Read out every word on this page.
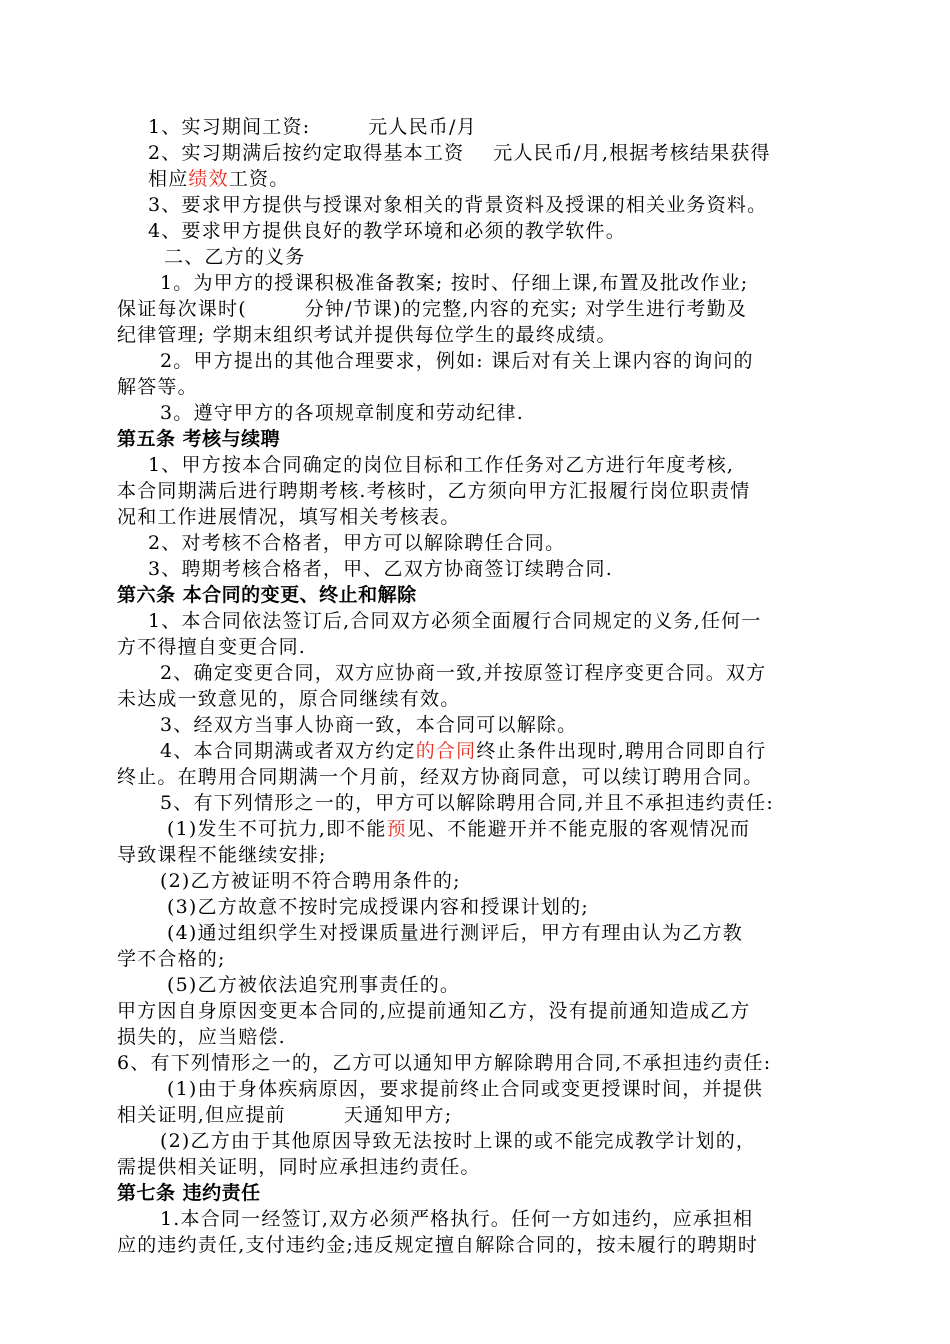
1、实习期间工资:        元人民币/月
2、实习期满后按约定取得基本工资    元人民币/月,根据考核结果获得
相应绩效工资。
3、要求甲方提供与授课对象相关的背景资料及授课的相关业务资料。
4、要求甲方提供良好的教学环境和必须的教学软件。
二、乙方的义务
1。为甲方的授课积极准备教案; 按时、仔细上课,布置及批改作业;
保证每次课时(        分钟/节课)的完整,内容的充实; 对学生进行考勤及
纪律管理; 学期末组织考试并提供每位学生的最终成绩。
2。甲方提出的其他合理要求，例如: 课后对有关上课内容的询问的
解答等。
3。遵守甲方的各项规章制度和劳动纪律.
第五条 考核与续聘
1、甲方按本合同确定的岗位目标和工作任务对乙方进行年度考核,
本合同期满后进行聘期考核.考核时，乙方须向甲方汇报履行岗位职责情
况和工作进展情况，填写相关考核表。
2、对考核不合格者，甲方可以解除聘任合同。
3、聘期考核合格者，甲、乙双方协商签订续聘合同.
第六条 本合同的变更、终止和解除
1、本合同依法签订后,合同双方必须全面履行合同规定的义务,任何一
方不得擅自变更合同.
2、确定变更合同，双方应协商一致,并按原签订程序变更合同。双方
未达成一致意见的，原合同继续有效。
3、经双方当事人协商一致，本合同可以解除。
4、本合同期满或者双方约定的合同终止条件出现时,聘用合同即自行
终止。在聘用合同期满一个月前，经双方协商同意，可以续订聘用合同。
5、有下列情形之一的，甲方可以解除聘用合同,并且不承担违约责任:
(1)发生不可抗力,即不能预见、不能避开并不能克服的客观情况而
导致课程不能继续安排;
(2)乙方被证明不符合聘用条件的;
(3)乙方故意不按时完成授课内容和授课计划的;
(4)通过组织学生对授课质量进行测评后，甲方有理由认为乙方教
学不合格的;
(5)乙方被依法追究刑事责任的。
甲方因自身原因变更本合同的,应提前通知乙方，没有提前通知造成乙方
损失的，应当赔偿.
6、有下列情形之一的，乙方可以通知甲方解除聘用合同,不承担违约责任:
(1)由于身体疾病原因，要求提前终止合同或变更授课时间，并提供
相关证明,但应提前        天通知甲方;
(2)乙方由于其他原因导致无法按时上课的或不能完成教学计划的，
需提供相关证明，同时应承担违约责任。
第七条 违约责任
1.本合同一经签订,双方必须严格执行。任何一方如违约，应承担相
应的违约责任,支付违约金;违反规定擅自解除合同的，按未履行的聘期时
